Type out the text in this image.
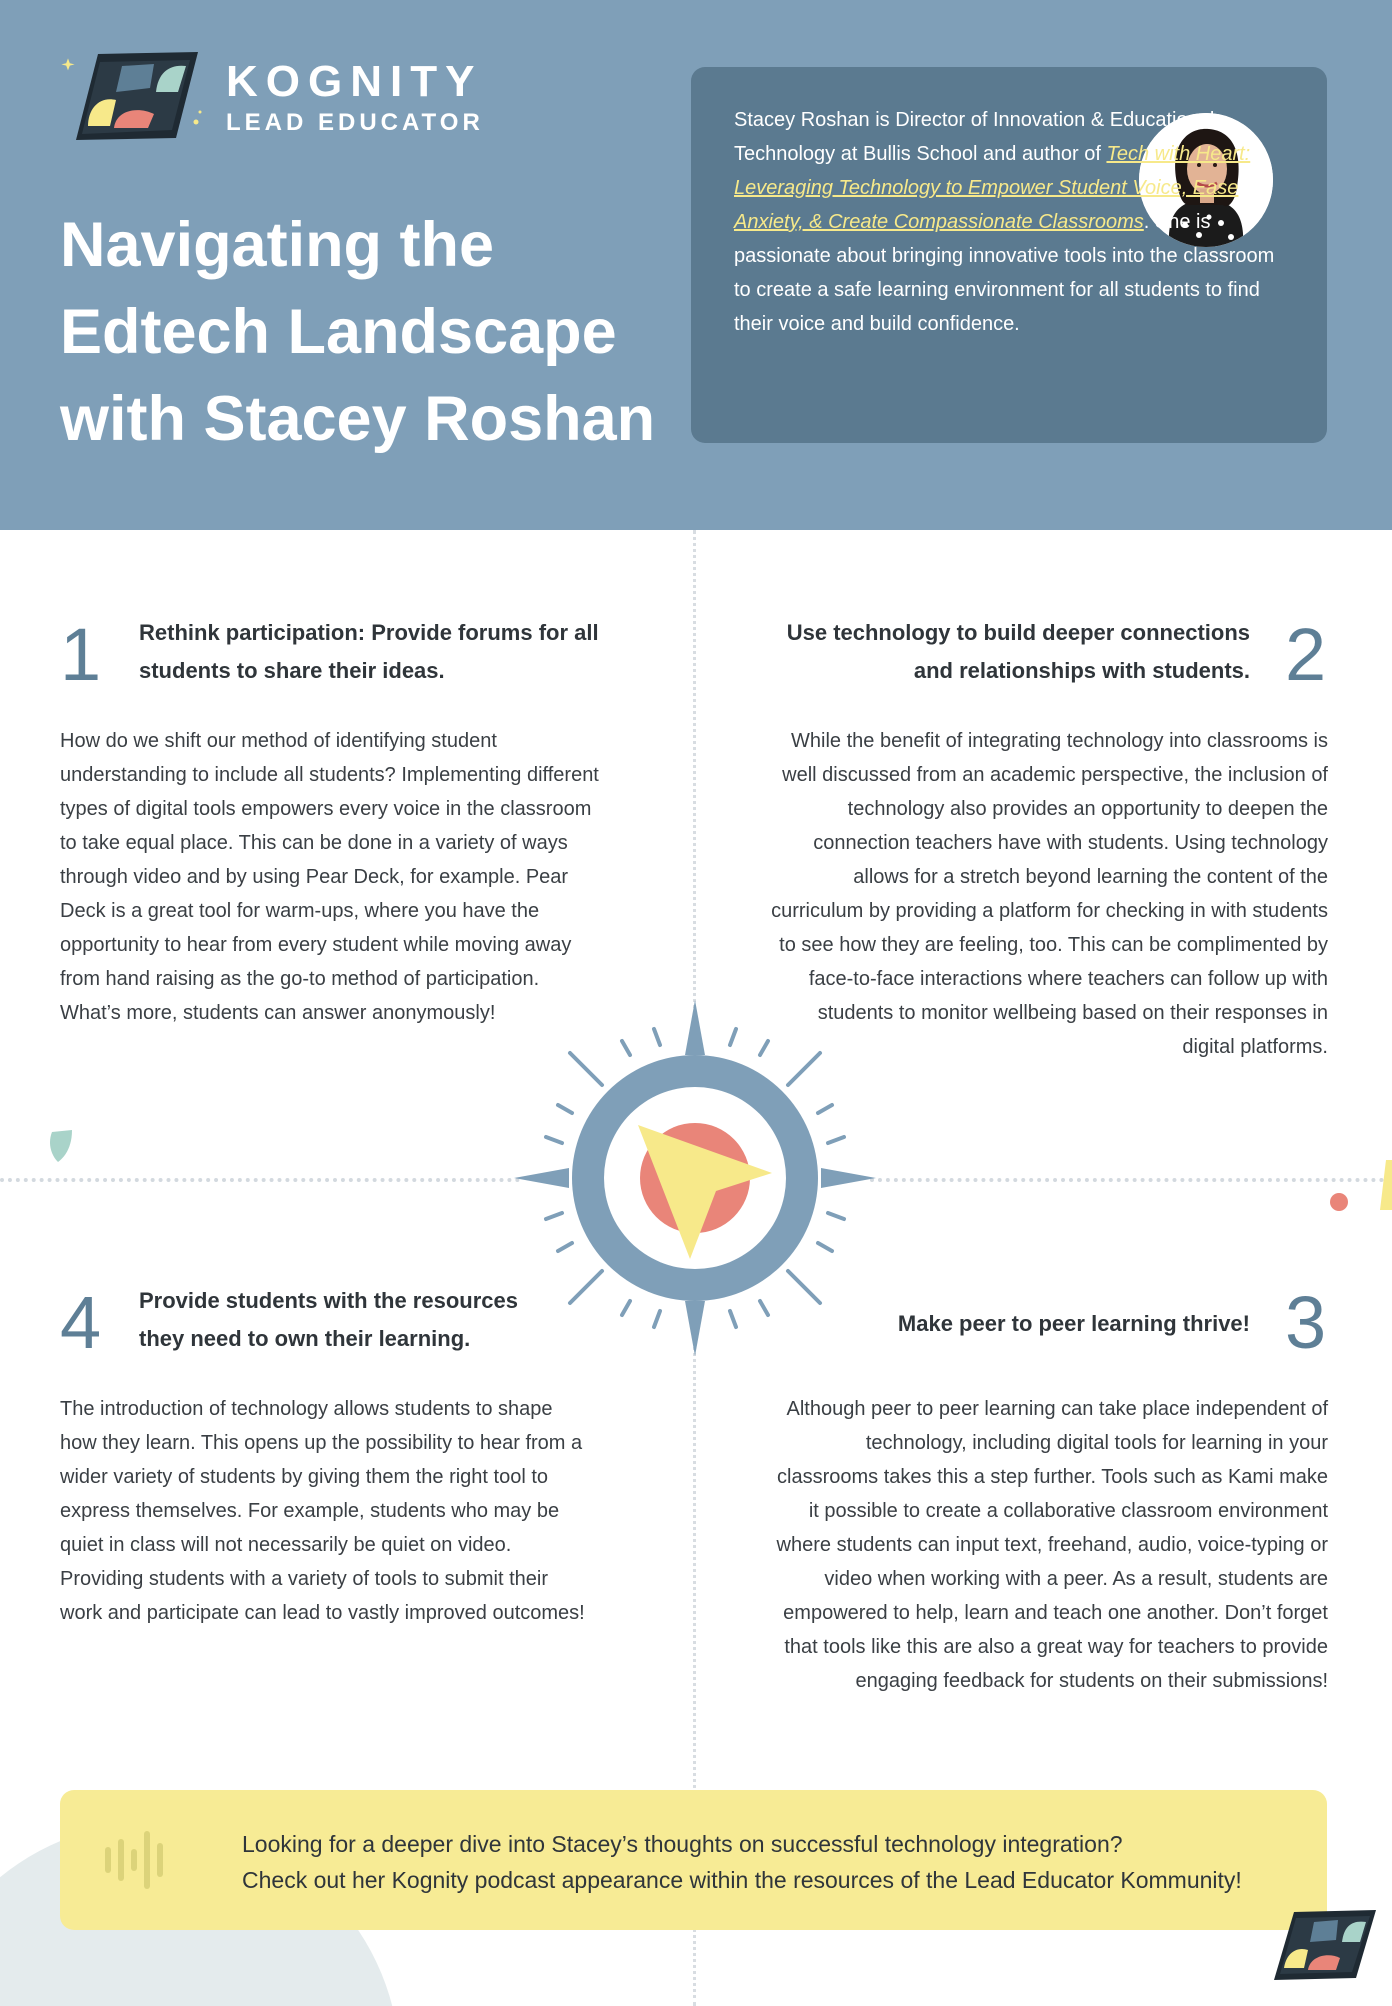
KOGNITY
LEAD EDUCATOR
Navigating the
Edtech Landscape
with Stacey Roshan

Stacey Roshan is Director of Innovation & Educational Technology at Bullis School and author of Tech with Heart: Leveraging Technology to Empower Student Voice, Ease Anxiety, & Create Compassionate Classrooms. She is passionate about bringing innovative tools into the classroom to create a safe learning environment for all students to find their voice and build confidence.

1 Rethink participation: Provide forums for all students to share their ideas.

How do we shift our method of identifying student understanding to include all students? Implementing different types of digital tools empowers every voice in the classroom to take equal place. This can be done in a variety of ways through video and by using Pear Deck, for example. Pear Deck is a great tool for warm-ups, where you have the opportunity to hear from every student while moving away from hand raising as the go-to method of participation. What’s more, students can answer anonymously!

Use technology to build deeper connections and relationships with students. 2

While the benefit of integrating technology into classrooms is well discussed from an academic perspective, the inclusion of technology also provides an opportunity to deepen the connection teachers have with students. Using technology allows for a stretch beyond learning the content of the curriculum by providing a platform for checking in with students to see how they are feeling, too. This can be complimented by face-to-face interactions where teachers can follow up with students to monitor wellbeing based on their responses in digital platforms.

4 Provide students with the resources they need to own their learning.

The introduction of technology allows students to shape how they learn. This opens up the possibility to hear from a wider variety of students by giving them the right tool to express themselves. For example, students who may be quiet in class will not necessarily be quiet on video. Providing students with a variety of tools to submit their work and participate can lead to vastly improved outcomes!

Make peer to peer learning thrive! 3

Although peer to peer learning can take place independent of technology, including digital tools for learning in your classrooms takes this a step further. Tools such as Kami make it possible to create a collaborative classroom environment where students can input text, freehand, audio, voice-typing or video when working with a peer. As a result, students are empowered to help, learn and teach one another. Don’t forget that tools like this are also a great way for teachers to provide engaging feedback for students on their submissions!

Looking for a deeper dive into Stacey’s thoughts on successful technology integration?
Check out her Kognity podcast appearance within the resources of the Lead Educator Kommunity!
